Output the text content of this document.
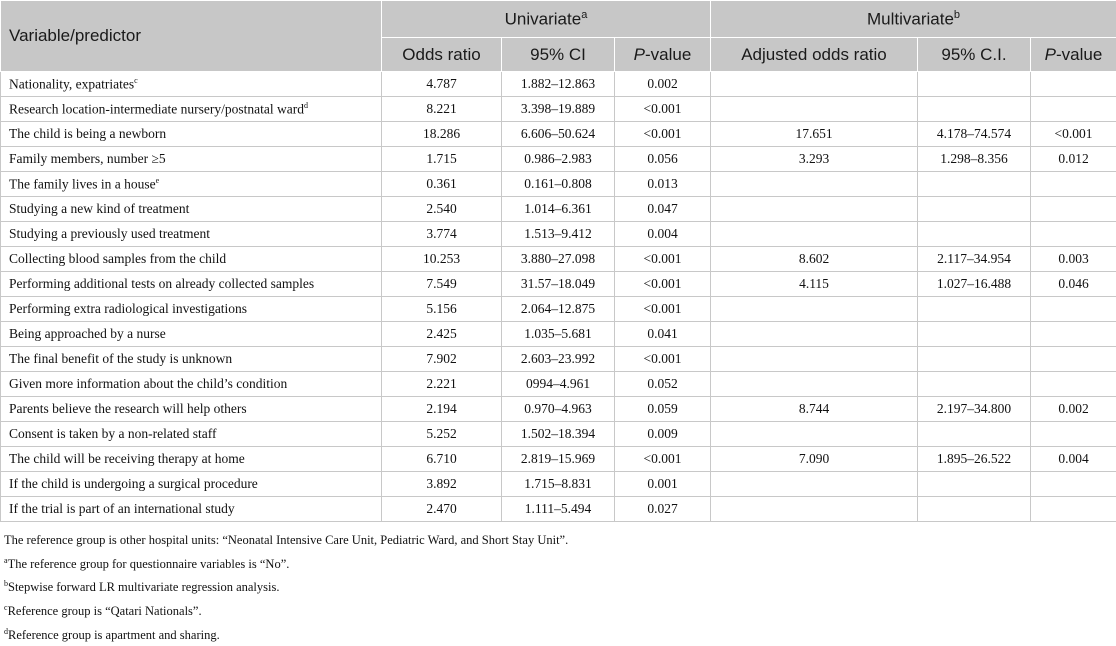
Variable/predictor	Univariate$^a$			Multivariate$^b$
	Odds ratio	95% CI	P-value	Adjusted odds ratio	95% C.I.	P-value
Nationality, expatriates$^c$	4.787	1.882–12.863	0.002			
Research location-intermediate nursery/postnatal ward$^d$	8.221	3.398–19.889	<0.001			
The child is being a newborn	18.286	6.606–50.624	<0.001	17.651	4.178–74.574	<0.001
Family members, number ≥5	1.715	0.986–2.983	0.056	3.293	1.298–8.356	0.012
The family lives in a house$^e$	0.361	0.161–0.808	0.013			
Studying a new kind of treatment	2.540	1.014–6.361	0.047			
Studying a previously used treatment	3.774	1.513–9.412	0.004			
Collecting blood samples from the child	10.253	3.880–27.098	<0.001	8.602	2.117–34.954	0.003
Performing additional tests on already collected samples	7.549	31.57–18.049	<0.001	4.115	1.027–16.488	0.046
Performing extra radiological investigations	5.156	2.064–12.875	<0.001			
Being approached by a nurse	2.425	1.035–5.681	0.041			
The final benefit of the study is unknown	7.902	2.603–23.992	<0.001			
Given more information about the child’s condition	2.221	0994–4.961	0.052			
Parents believe the research will help others	2.194	0.970–4.963	0.059	8.744	2.197–34.800	0.002
Consent is taken by a non-related staff	5.252	1.502–18.394	0.009			
The child will be receiving therapy at home	6.710	2.819–15.969	<0.001	7.090	1.895–26.522	0.004
If the child is undergoing a surgical procedure	3.892	1.715–8.831	0.001			
If the trial is part of an international study	2.470	1.111–5.494	0.027			
The reference group is other hospital units: “Neonatal Intensive Care Unit, Pediatric Ward, and Short Stay Unit”.
$^a$The reference group for questionnaire variables is “No”.
$^b$Stepwise forward LR multivariate regression analysis.
$^c$Reference group is “Qatari Nationals”.
$^d$Reference group is apartment and sharing.
